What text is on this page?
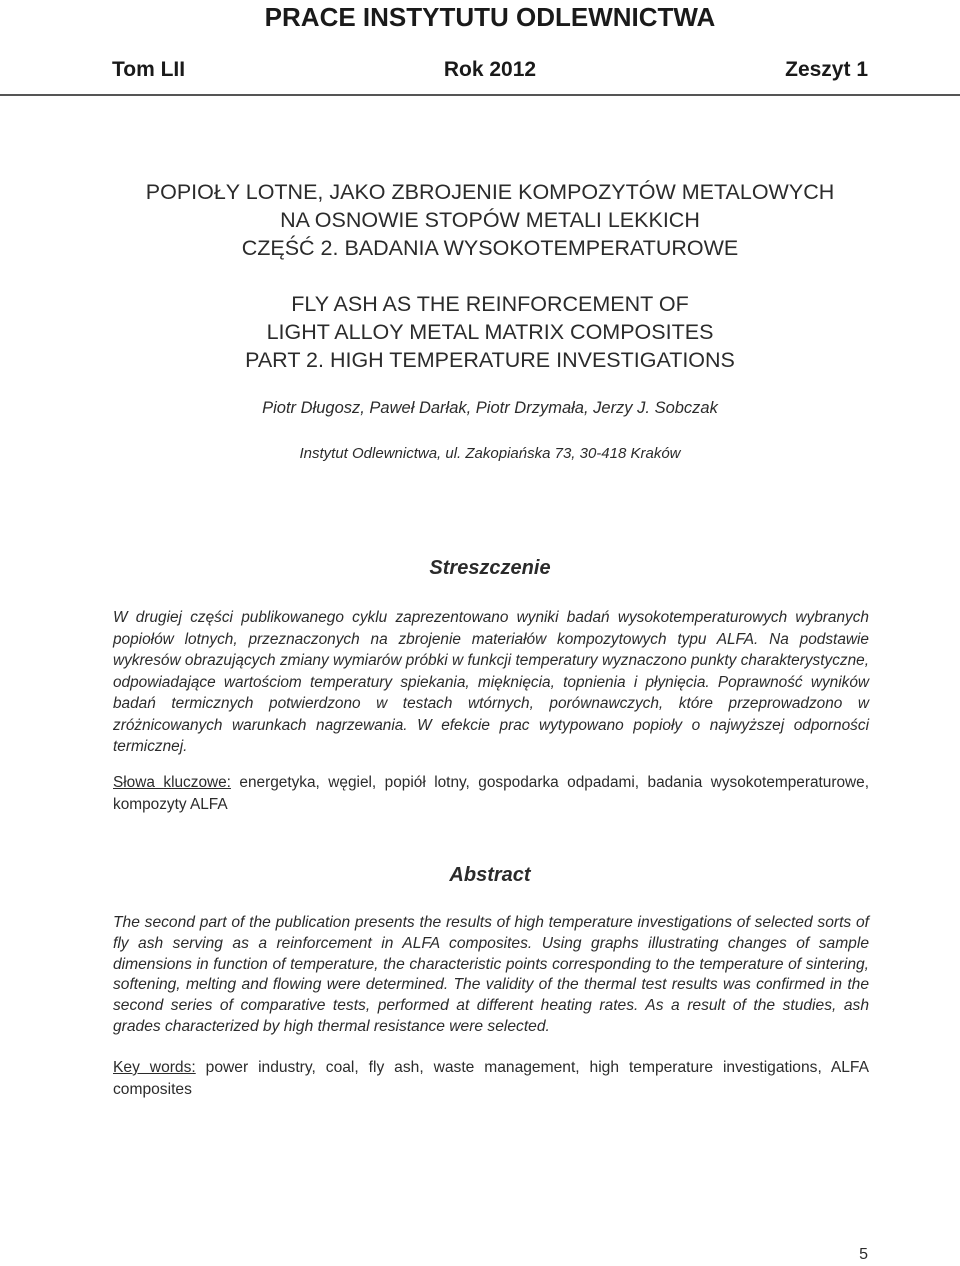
PRACE INSTYTUTU ODLEWNICTWA
Tom LII	Rok 2012	Zeszyt 1
POPIOŁY LOTNE, JAKO ZBROJENIE KOMPOZYTÓW METALOWYCH
NA OSNOWIE STOPÓW METALI LEKKICH
CZĘŚĆ 2. BADANIA WYSOKOTEMPERATUROWE
FLY ASH AS THE REINFORCEMENT OF
LIGHT ALLOY METAL MATRIX COMPOSITES
PART 2. HIGH TEMPERATURE INVESTIGATIONS
Piotr Długosz, Paweł Darłak, Piotr Drzymała, Jerzy J. Sobczak
Instytut Odlewnictwa, ul. Zakopiańska 73, 30-418 Kraków
Streszczenie
W drugiej części publikowanego cyklu zaprezentowano wyniki badań wysokotemperaturowych wybranych popiołów lotnych, przeznaczonych na zbrojenie materiałów kompozytowych typu ALFA. Na podstawie wykresów obrazujących zmiany wymiarów próbki w funkcji temperatury wyznaczono punkty charakterystyczne, odpowiadające wartościom temperatury spiekania, mięknięcia, topnienia i płynięcia. Poprawność wyników badań termicznych potwierdzono w testach wtórnych, porównawczych, które przeprowadzono w zróżnicowanych warunkach nagrzewania. W efekcie prac wytypowano popioły o najwyższej odporności termicznej.
Słowa kluczowe: energetyka, węgiel, popiół lotny, gospodarka odpadami, badania wysokotemperaturowe, kompozyty ALFA
Abstract
The second part of the publication presents the results of high temperature investigations of selected sorts of fly ash serving as a reinforcement in ALFA composites. Using graphs illustrating changes of sample dimensions in function of temperature, the characteristic points corresponding to the temperature of sintering, softening, melting and flowing were determined. The validity of the thermal test results was confirmed in the second series of comparative tests, performed at different heating rates. As a result of the studies, ash grades characterized by high thermal resistance were selected.
Key words: power industry, coal, fly ash, waste management, high temperature investigations, ALFA composites
5
